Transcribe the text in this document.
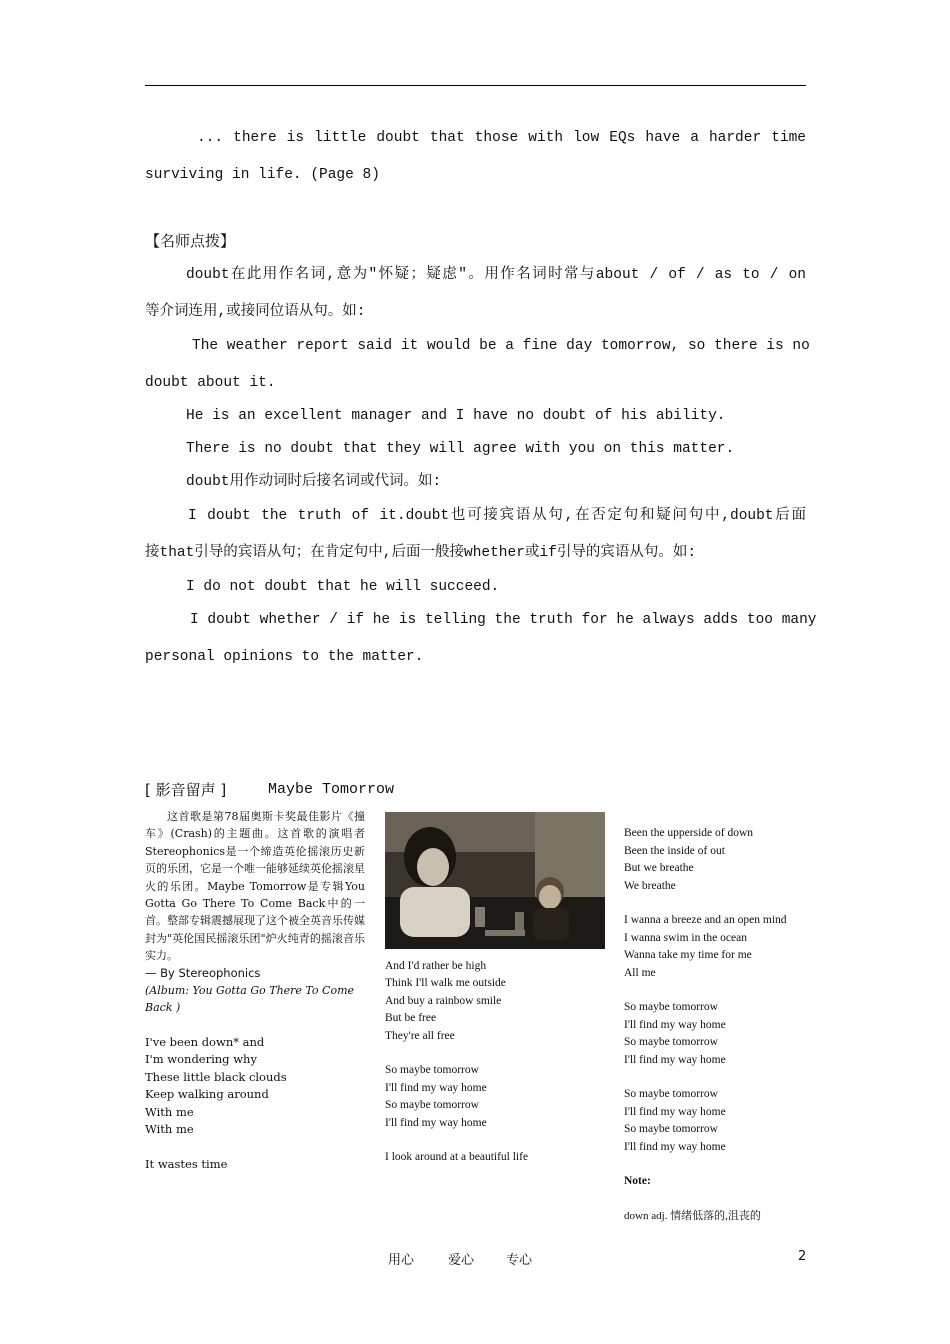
... there is little doubt that those with low EQs have a harder time
surviving in life. (Page 8)
【名师点拨】
doubt在此用作名词,意为"怀疑；疑虑"。用作名词时常与about / of / as to / on
等介词连用,或接同位语从句。如:
The weather report said it would be a fine day tomorrow, so there is no
doubt about it.
He is an excellent manager and I have no doubt of his ability.
There is no doubt that they will agree with you on this matter.
doubt用作动词时后接名词或代词。如:
I doubt the truth of it.doubt也可接宾语从句,在否定句和疑问句中,doubt后面
接that引导的宾语从句；在肯定句中,后面一般接whether或if引导的宾语从句。如:
I do not doubt that he will succeed.
I doubt whether / if he is telling the truth for he always adds too many
personal opinions to the matter.
[ 影音留声 ]	Maybe Tomorrow
这首歌是第78届奥斯卡奖最佳影片《撞车》(Crash)的主题曲。这首歌的演唱者Stereophonics是一个缔造英伦摇滚历史新页的乐团，它是一个唯一能够延续英伦摇滚星火的乐团。Maybe Tomorrow是专辑You Gotta Go There To Come Back中的一首。整部专辑震撼展现了这个被全英音乐传媒封为"英伦国民摇滚乐团"炉火纯青的摇滚音乐实力。
— By Stereophonics
(Album: You Gotta Go There To Come Back )
I've been down* and
I'm wondering why
These little black clouds
Keep walking around
With me
With me
It wastes time
And I'd rather be high
Think I'll walk me outside
And buy a rainbow smile
But be free
They're all free
So maybe tomorrow
I'll find my way home
So maybe tomorrow
I'll find my way home
I look around at a beautiful life

Been the upperside of down
Been the inside of out
But we breathe
We breathe
I wanna a breeze and an open mind
I wanna swim in the ocean
Wanna take my time for me
All me
So maybe tomorrow
I'll find my way home
So maybe tomorrow
I'll find my way home
So maybe tomorrow
I'll find my way home
So maybe tomorrow
I'll find my way home

Note:

down adj. 情绪低落的,沮丧的

用心	爱心 专心	2
